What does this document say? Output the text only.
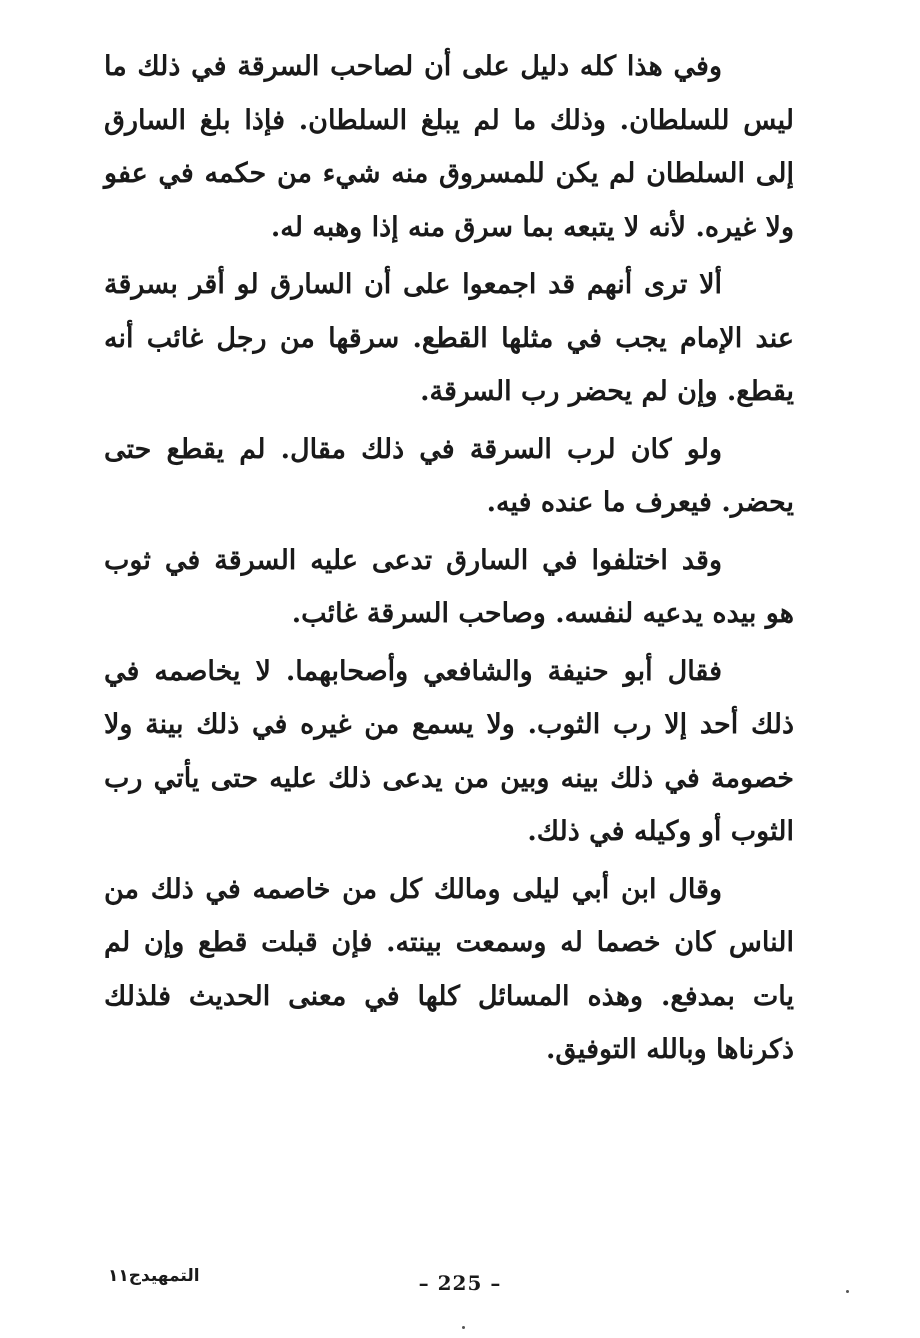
وفي هذا كله دليل على أن لصاحب السرقة في ذلك ما ليس للسلطان. وذلك ما لم يبلغ السلطان. فإذا بلغ السارق إلى السلطان لم يكن للمسروق منه شيء من حكمه في عفو ولا غيره. لأنه لا يتبعه بما سرق منه إذا وهبه له.

ألا ترى أنهم قد اجمعوا على أن السارق لو أقر بسرقة عند الإمام يجب في مثلها القطع. سرقها من رجل غائب أنه يقطع. وإن لم يحضر رب السرقة.

ولو كان لرب السرقة في ذلك مقال. لم يقطع حتى يحضر. فيعرف ما عنده فيه.

وقد اختلفوا في السارق تدعى عليه السرقة في ثوب هو بيده يدعيه لنفسه. وصاحب السرقة غائب.

فقال أبو حنيفة والشافعي وأصحابهما. لا يخاصمه في ذلك أحد إلا رب الثوب. ولا يسمع من غيره في ذلك بينة ولا خصومة في ذلك بينه وبين من يدعى ذلك عليه حتى يأتي رب الثوب أو وكيله في ذلك.

وقال ابن أبي ليلى ومالك كل من خاصمه في ذلك من الناس كان خصما له وسمعت بينته. فإن قبلت قطع وإن لم يات بمدفع. وهذه المسائل كلها في معنى الحديث فلذلك ذكرناها وبالله التوفيق.

التمهيدج١١	– 225 –
